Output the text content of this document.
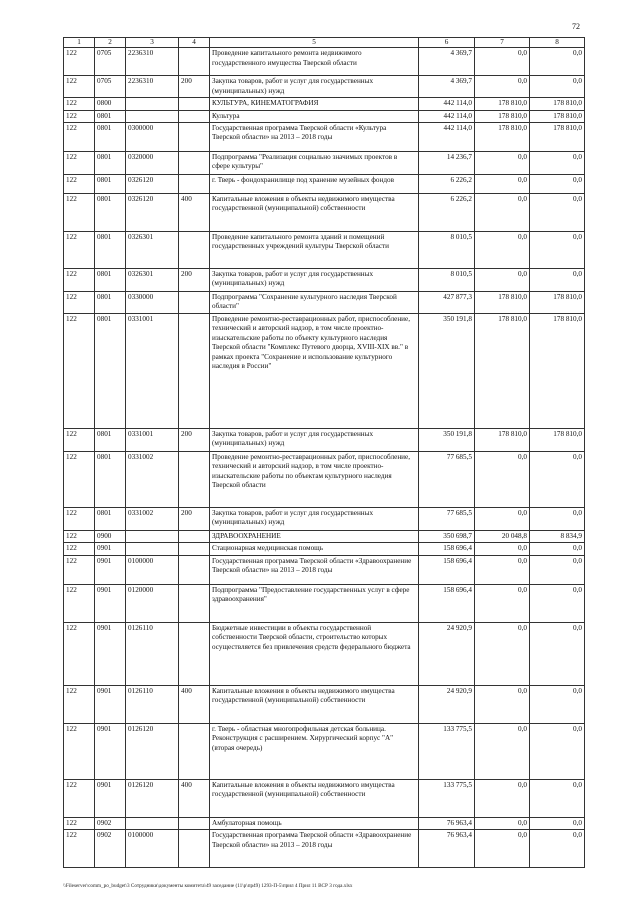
72
1	2	3	4	5	6	7	8
122	0705	2236310		Проведение капитального ремонта недвижимого государственного имущества Тверской области	4 369,7	0,0	0,0
122	0705	2236310	200	Закупка товаров, работ и услуг для государственных (муниципальных) нужд	4 369,7	0,0	0,0
122	0800			КУЛЬТУРА, КИНЕМАТОГРАФИЯ	442 114,0	178 810,0	178 810,0
122	0801			Культура	442 114,0	178 810,0	178 810,0
122	0801	0300000		Государственная программа Тверской области «Культура Тверской области» на 2013 – 2018 годы	442 114,0	178 810,0	178 810,0
122	0801	0320000		Подпрограмма "Реализация социально значимых проектов в сфере культуры"	14 236,7	0,0	0,0
122	0801	0326120		г. Тверь - фондохранилище под хранение музейных фондов	6 226,2	0,0	0,0
122	0801	0326120	400	Капитальные вложения в объекты недвижимого имущества государственной (муниципальной) собственности	6 226,2	0,0	0,0
122	0801	0326301		Проведение капитального ремонта зданий и помещений государственных учреждений культуры Тверской области	8 010,5	0,0	0,0
122	0801	0326301	200	Закупка товаров, работ и услуг для государственных (муниципальных) нужд	8 010,5	0,0	0,0
122	0801	0330000		Подпрограмма "Сохранение культурного наследия Тверской области"	427 877,3	178 810,0	178 810,0
122	0801	0331001		Проведение ремонтно-реставрационных работ, приспособление, технический и авторский надзор, в том числе проектно-изыскательские работы по объекту культурного наследия Тверской области "Комплекс Путевого дворца, XVIII-XIX вв." в рамках проекта "Сохранение и использование культурного наследия в России"	350 191,8	178 810,0	178 810,0
122	0801	0331001	200	Закупка товаров, работ и услуг для государственных (муниципальных) нужд	350 191,8	178 810,0	178 810,0
122	0801	0331002		Проведение ремонтно-реставрационных работ, приспособление, технический и авторский надзор, в том числе проектно-изыскательские работы по объектам культурного наследия Тверской области	77 685,5	0,0	0,0
122	0801	0331002	200	Закупка товаров, работ и услуг для государственных (муниципальных) нужд	77 685,5	0,0	0,0
122	0900			ЗДРАВООХРАНЕНИЕ	350 698,7	20 048,8	8 834,9
122	0901			Стационарная медицинская помощь	158 696,4	0,0	0,0
122	0901	0100000		Государственная программа Тверской области «Здравоохранение Тверской области» на 2013 – 2018 годы	158 696,4	0,0	0,0
122	0901	0120000		Подпрограмма "Предоставление государственных услуг в сфере здравоохранения"	158 696,4	0,0	0,0
122	0901	0126110		Бюджетные инвестиции в объекты государственной собственности Тверской области, строительство которых осуществляется без привлечения средств федерального бюджета	24 920,9	0,0	0,0
122	0901	0126110	400	Капитальные вложения в объекты недвижимого имущества государственной (муниципальной) собственности	24 920,9	0,0	0,0
122	0901	0126120		г. Тверь - областная многопрофильная детская больница. Реконструкция с расширением. Хирургический корпус "А" (вторая очередь)	133 775,5	0,0	0,0
122	0901	0126120	400	Капитальные вложения в объекты недвижимого имущества государственной (муниципальной) собственности	133 775,5	0,0	0,0
122	0902			Амбулаторная помощь	76 963,4	0,0	0,0
122	0902	0100000		Государственная программа Тверской области «Здравоохранение Тверской области» на 2013 – 2018 годы	76 963,4	0,0	0,0
\\Fileserver\comm_po_budget\3 Сотрудники\документы комитета\49 заседание (11\р\пр49) 1293-П-5\прил 4 Прил 11 ВСР 3 года.xlsx
